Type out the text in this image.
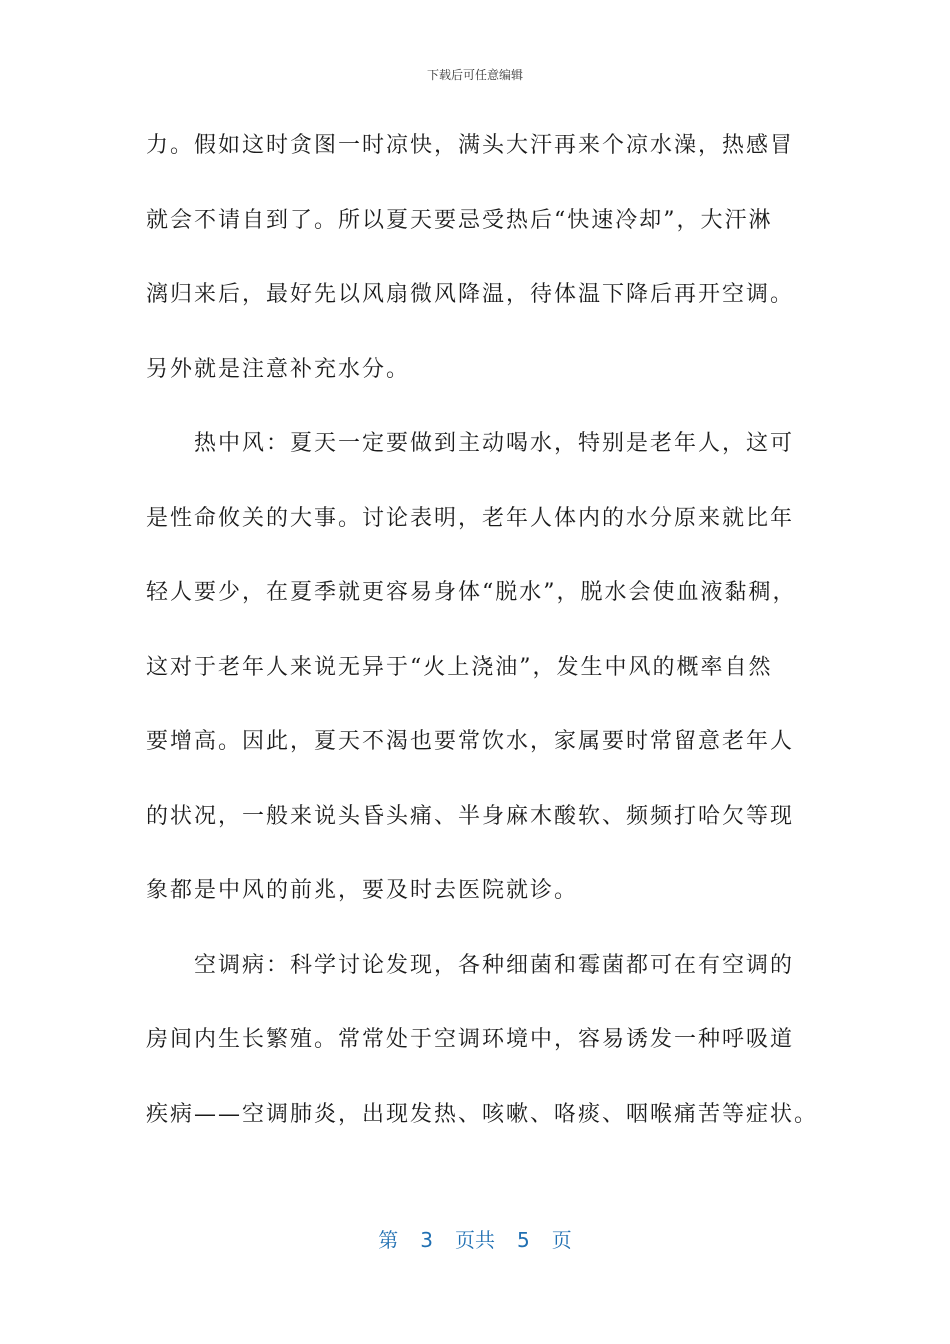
下载后可任意编辑
力。假如这时贪图一时凉快，满头大汗再来个凉水澡，热感冒
就会不请自到了。所以夏天要忌受热后“快速冷却”，大汗淋
漓归来后，最好先以风扇微风降温，待体温下降后再开空调。
另外就是注意补充水分。
热中风：夏天一定要做到主动喝水，特别是老年人，这可
是性命攸关的大事。讨论表明，老年人体内的水分原来就比年
轻人要少，在夏季就更容易身体“脱水”，脱水会使血液黏稠，
这对于老年人来说无异于“火上浇油”，发生中风的概率自然
要增高。因此，夏天不渴也要常饮水，家属要时常留意老年人
的状况，一般来说头昏头痛、半身麻木酸软、频频打哈欠等现
象都是中风的前兆，要及时去医院就诊。
空调病：科学讨论发现，各种细菌和霉菌都可在有空调的
房间内生长繁殖。常常处于空调环境中，容易诱发一种呼吸道
疾病——空调肺炎，出现发热、咳嗽、咯痰、咽喉痛苦等症状。
第 3 页共 5 页
